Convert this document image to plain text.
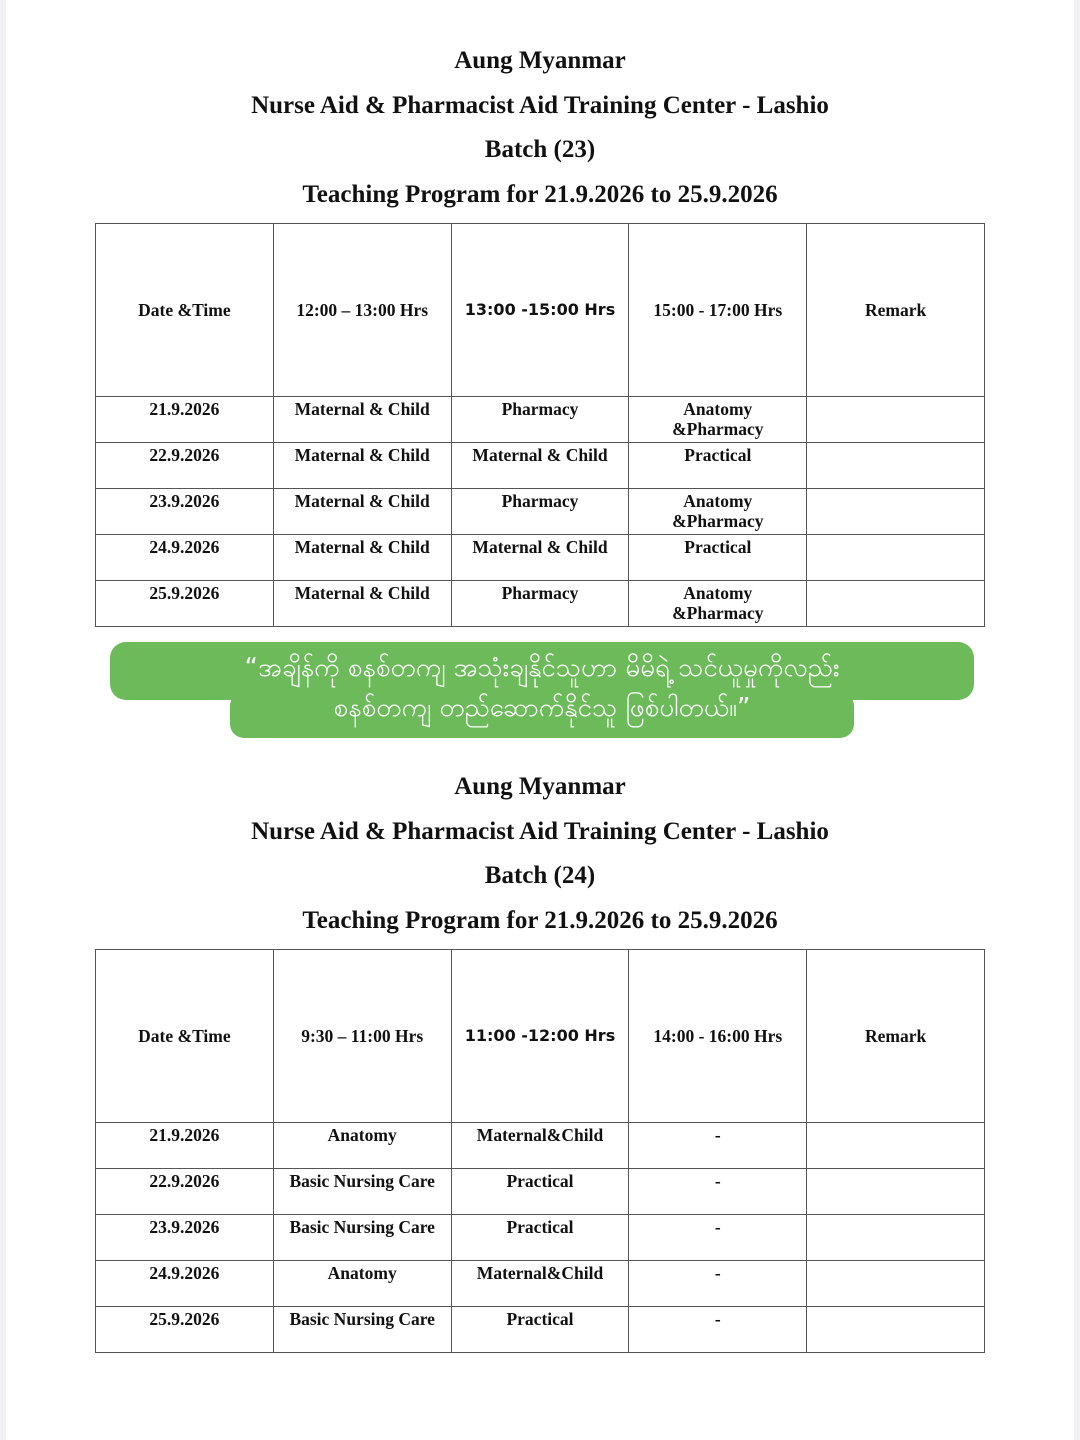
Aung Myanmar
Nurse Aid & Pharmacist Aid Training Center - Lashio
Batch (23)
Teaching Program for 21.9.2026 to 25.9.2026
Date &Time	12:00 – 13:00 Hrs	13:00 -15:00 Hrs	15:00 - 17:00 Hrs	Remark
21.9.2026	Maternal & Child	Pharmacy	Anatomy &Pharmacy	
22.9.2026	Maternal & Child	Maternal & Child	Practical	
23.9.2026	Maternal & Child	Pharmacy	Anatomy &Pharmacy	
24.9.2026	Maternal & Child	Maternal & Child	Practical	
25.9.2026	Maternal & Child	Pharmacy	Anatomy &Pharmacy	
“အချိန်ကို စနစ်တကျ အသုံးချနိုင်သူဟာ မိမိရဲ့ သင်ယူမှုကိုလည်း
စနစ်တကျ တည်ဆောက်နိုင်သူ ဖြစ်ပါတယ်။”
Aung Myanmar
Nurse Aid & Pharmacist Aid Training Center - Lashio
Batch (24)
Teaching Program for 21.9.2026 to 25.9.2026
Date &Time	9:30 – 11:00 Hrs	11:00 -12:00 Hrs	14:00 - 16:00 Hrs	Remark
21.9.2026	Anatomy	Maternal&Child	-	
22.9.2026	Basic Nursing Care	Practical	-	
23.9.2026	Basic Nursing Care	Practical	-	
24.9.2026	Anatomy	Maternal&Child	-	
25.9.2026	Basic Nursing Care	Practical	-	
